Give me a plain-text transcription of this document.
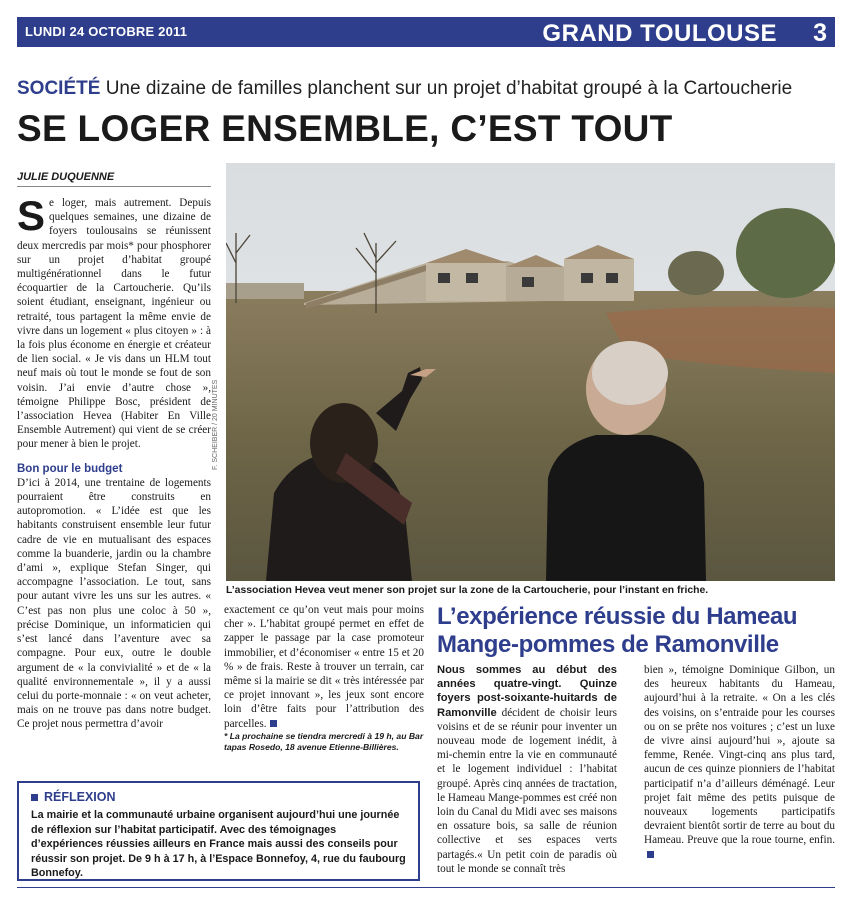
LUNDI 24 OCTOBRE 2011	GRAND TOULOUSE 3
SOCIÉTÉ Une dizaine de familles planchent sur un projet d’habitat groupé à la Cartoucherie
SE LOGER ENSEMBLE, C’EST TOUT
JULIE DUQUENNE
S e loger, mais autrement. Depuis quelques semaines, une dizaine de foyers toulousains se réunissent deux mercredis par mois* pour phosphorer sur un projet d’habitat groupé multigénérationnel dans le futur écoquartier de la Cartoucherie. Qu’ils soient étudiant, enseignant, ingénieur ou retraité, tous partagent la même envie de vivre dans un logement « plus citoyen » : à la fois plus économe en énergie et créateur de lien social. « Je vis dans un HLM tout neuf mais où tout le monde se fout de son voisin. J’ai envie d’autre chose », témoigne Philippe Bosc, président de l’association Hevea (Habiter En Ville Ensemble Autrement) qui vient de se créer pour mener à bien le projet.

Bon pour le budget

D’ici à 2014, une trentaine de logements pourraient être construits en autopromotion. « L’idée est que les habitants construisent ensemble leur futur cadre de vie en mutualisant des espaces comme la buanderie, jardin ou la chambre d’ami », explique Stefan Singer, qui accompagne l’association. Le tout, sans pour autant vivre les uns sur les autres. « C’est pas non plus une coloc à 50 », précise Dominique, un informaticien qui s’est lancé dans l’aventure avec sa compagne. Pour eux, outre le double argument de « la convivialité » et de « la qualité environnementale », il y a aussi celui du porte-monnaie : « on veut acheter, mais on ne trouve pas dans notre budget. Ce projet nous permettra d’avoir

F. SCHEIBER / 20 MINUTES
L’association Hevea veut mener son projet sur la zone de la Cartoucherie, pour l’instant en friche.

exactement ce qu’on veut mais pour moins cher ». L’habitat groupé permet en effet de zapper le passage par la case promoteur immobilier, et d’économiser « entre 15 et 20 % » de frais. Reste à trouver un terrain, car même si la mairie se dit « très intéressée par ce projet innovant », les jeux sont encore loin d’être faits pour l’attribution des parcelles.

* La prochaine se tiendra mercredi à 19 h, au Bar tapas Rosedo, 18 avenue Etienne-Billières.
L’expérience réussie du Hameau Mange-pommes de Ramonville

Nous sommes au début des années quatre-vingt. Quinze foyers post-soixante-huitards de Ramonville décident de choisir leurs voisins et de se réunir pour inventer un nouveau mode de logement inédit, à mi-chemin entre la vie en communauté et le logement individuel : l’habitat groupé. Après cinq années de tractation, le Hameau Mange-pommes est créé non loin du Canal du Midi avec ses maisons en ossature bois, sa salle de réunion collective et ses espaces verts partagés.« Un petit coin de paradis où tout le monde se connaît très

bien », témoigne Dominique Gilbon, un des heureux habitants du Hameau, aujourd’hui à la retraite. « On a les clés des voisins, on s’entraide pour les courses ou on se prête nos voitures ; c’est un luxe de vivre ainsi aujourd’hui », ajoute sa femme, Renée. Vingt-cinq ans plus tard, aucun de ces quinze pionniers de l’habitat participatif n’a d’ailleurs déménagé. Leur projet fait même des petits puisque de nouveaux logements participatifs devraient bientôt sortir de terre au bout du Hameau. Preuve que la roue tourne, enfin.

RÉFLEXION
La mairie et la communauté urbaine organisent aujourd’hui une journée de réflexion sur l’habitat participatif. Avec des témoignages d’expériences réussies ailleurs en France mais aussi des conseils pour réussir son projet. De 9 h à 17 h, à l’Espace Bonnefoy, 4, rue du faubourg Bonnefoy.
